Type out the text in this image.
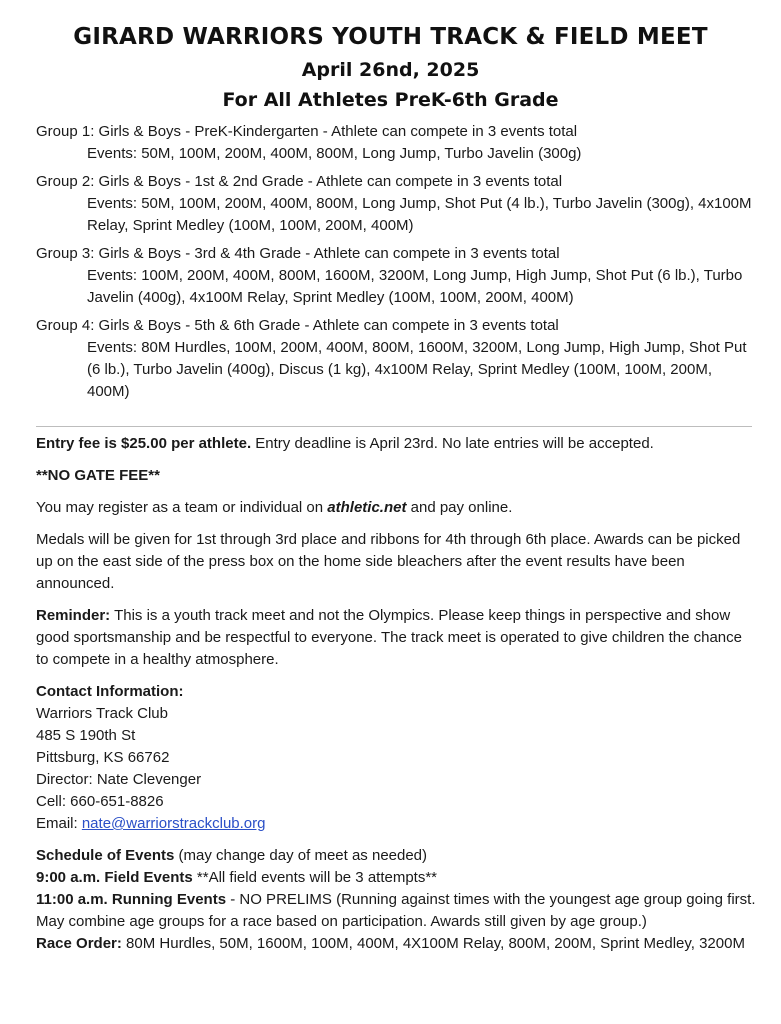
GIRARD WARRIORS YOUTH TRACK & FIELD MEET
April 26nd, 2025
For All Athletes PreK-6th Grade
Group 1: Girls & Boys - PreK-Kindergarten - Athlete can compete in 3 events total
Events: 50M, 100M, 200M, 400M, 800M, Long Jump, Turbo Javelin (300g)
Group 2: Girls & Boys - 1st & 2nd Grade - Athlete can compete in 3 events total
Events: 50M, 100M, 200M, 400M, 800M, Long Jump, Shot Put (4 lb.), Turbo Javelin (300g), 4x100M Relay, Sprint Medley (100M, 100M, 200M, 400M)
Group 3: Girls & Boys - 3rd & 4th Grade - Athlete can compete in 3 events total
Events: 100M, 200M, 400M, 800M, 1600M, 3200M, Long Jump, High Jump, Shot Put (6 lb.), Turbo Javelin (400g), 4x100M Relay, Sprint Medley (100M, 100M, 200M, 400M)
Group 4: Girls & Boys - 5th & 6th Grade - Athlete can compete in 3 events total
Events: 80M Hurdles, 100M, 200M, 400M, 800M, 1600M, 3200M, Long Jump, High Jump, Shot Put (6 lb.), Turbo Javelin (400g), Discus (1 kg), 4x100M Relay, Sprint Medley (100M, 100M, 200M, 400M)

Entry fee is $25.00 per athlete. Entry deadline is April 23rd. No late entries will be accepted.

**NO GATE FEE**

You may register as a team or individual on athletic.net and pay online.

Medals will be given for 1st through 3rd place and ribbons for 4th through 6th place. Awards can be picked up on the east side of the press box on the home side bleachers after the event results have been announced.

Reminder: This is a youth track meet and not the Olympics. Please keep things in perspective and show good sportsmanship and be respectful to everyone. The track meet is operated to give children the chance to compete in a healthy atmosphere.

Contact Information:
Warriors Track Club
485 S 190th St
Pittsburg, KS 66762
Director: Nate Clevenger
Cell: 660-651-8826
Email: nate@warriorstrackclub.org
Schedule of Events (may change day of meet as needed)
9:00 a.m. Field Events **All field events will be 3 attempts**
11:00 a.m. Running Events - NO PRELIMS (Running against times with the youngest age group going first. May combine age groups for a race based on participation. Awards still given by age group.)
Race Order: 80M Hurdles, 50M, 1600M, 100M, 400M, 4X100M Relay, 800M, 200M, Sprint Medley, 3200M
